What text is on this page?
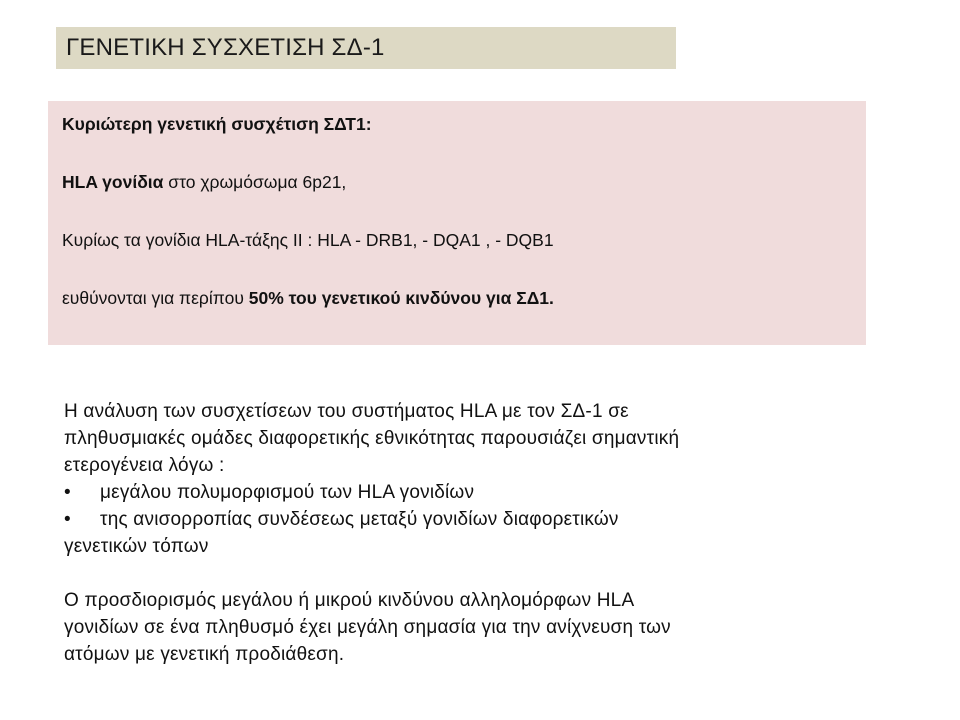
ΓΕΝΕΤΙΚΗ ΣΥΣΧΕΤΙΣΗ ΣΔ-1

Κυριώτερη γενετική συσχέτιση ΣΔΤ1:

HLA γονίδια στο χρωμόσωμα 6p21,

Κυρίως τα γονίδια HLA-τάξης ΙΙ : HLA - DRB1, - DQA1 , - DQB1

ευθύνονται για περίπου 50% του γενετικού κινδύνου για ΣΔ1.

Η ανάλυση των συσχετίσεων του συστήματος HLA με τον ΣΔ-1 σε

πληθυσμιακές ομάδες διαφορετικής εθνικότητας παρουσιάζει σημαντική

ετερογένεια λόγω :

•	μεγάλου πολυμορφισμού των HLA γονιδίων

•	της ανισορροπίας συνδέσεως μεταξύ γονιδίων διαφορετικών

γενετικών τόπων

Ο προσδιορισμός μεγάλου ή μικρού κινδύνου αλληλομόρφων HLA

γονιδίων σε ένα πληθυσμό έχει μεγάλη σημασία για την ανίχνευση των

ατόμων με γενετική προδιάθεση.
